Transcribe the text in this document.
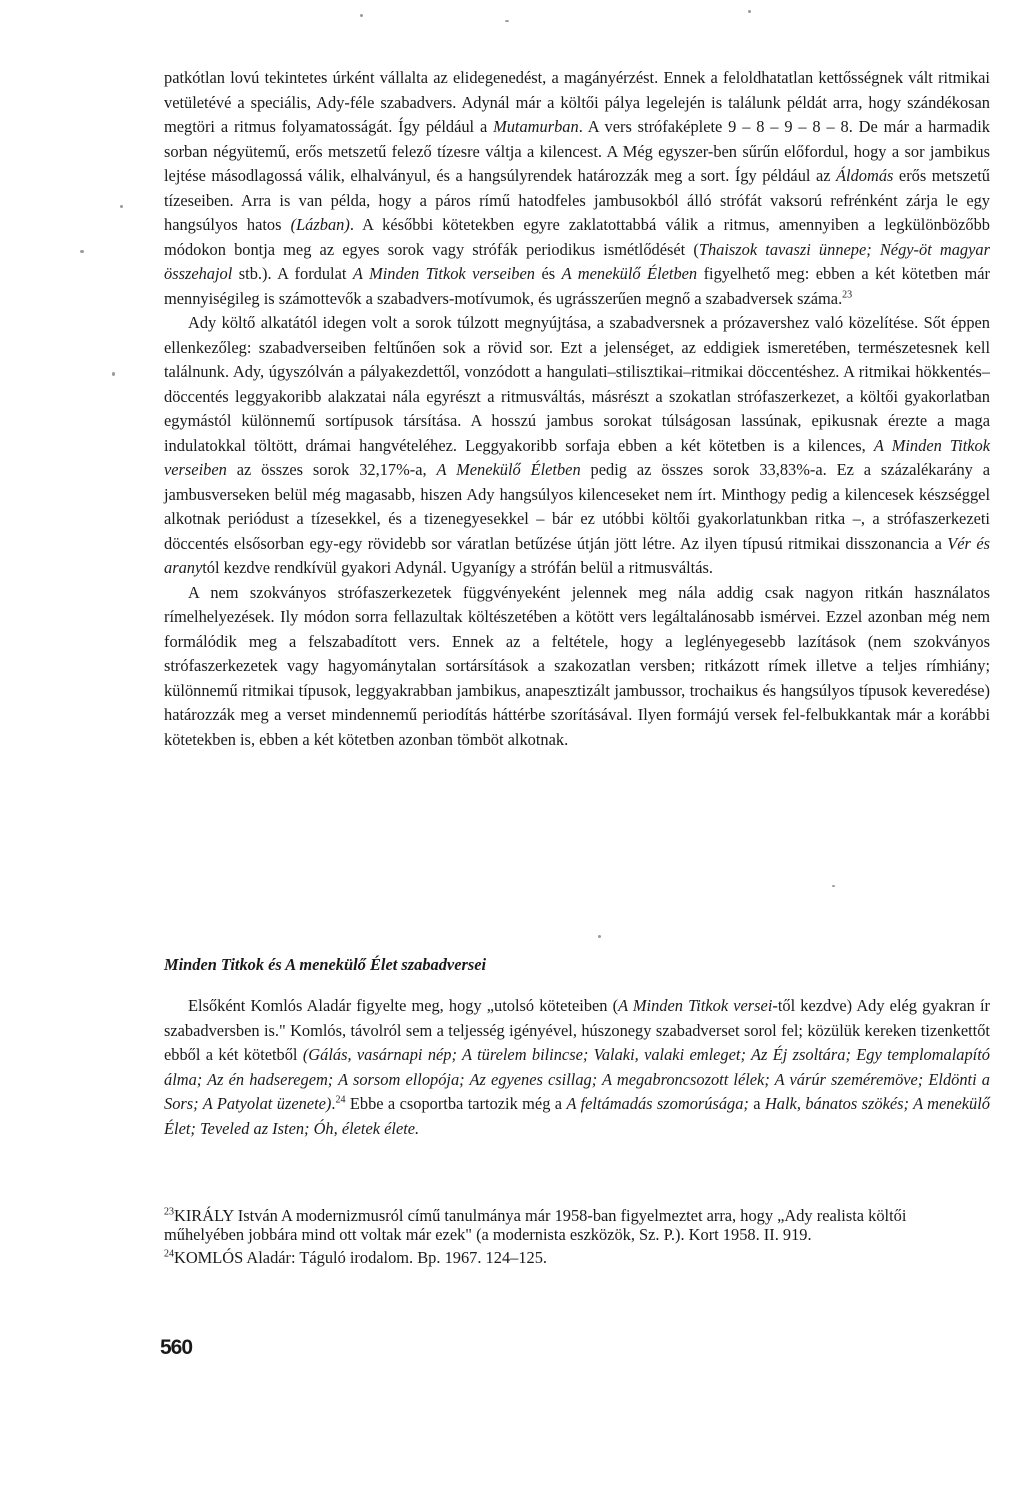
patkótlan lovú tekintetes úrként vállalta az elidegenedést, a magányérzést. Ennek a feloldhatatlan kettősségnek vált ritmikai vetületévé a speciális, Ady-féle szabadvers. Adynál már a költői pálya legelején is találunk példát arra, hogy szándékosan megtöri a ritmus folyamatosságát. Így például a Mutamurban. A vers strófaképlete 9 – 8 – 9 – 8 – 8. De már a harmadik sorban négyütemű, erős metszetű felező tízesre váltja a kilencest. A Még egyszer-ben sűrűn előfordul, hogy a sor jambikus lejtése másodlagossá válik, elhalványul, és a hangsúlyrendek határozzák meg a sort. Így például az Áldomás erős metszetű tízeseiben. Arra is van példa, hogy a páros rímű hatodfeles jambusokból álló strófát vaksorú refrénként zárja le egy hangsúlyos hatos (Lázban). A későbbi kötetekben egyre zaklatottabbá válik a ritmus, amennyiben a legkülönbözőbb módokon bontja meg az egyes sorok vagy strófák periodikus ismétlődését (Thaiszok tavaszi ünnepe; Négy-öt magyar összehajol stb.). A fordulat A Minden Titkok verseiben és A menekülő Életben figyelhető meg: ebben a két kötetben már mennyiségileg is számottevők a szabadvers-motívumok, és ugrásszerűen megnő a szabadversek száma.$^{23}$

Ady költő alkatától idegen volt a sorok túlzott megnyújtása, a szabadversnek a prózavershez való közelítése. Sőt éppen ellenkezőleg: szabadverseiben feltűnően sok a rövid sor. Ezt a jelenséget, az eddigiek ismeretében, természetesnek kell találnunk. Ady, úgyszólván a pályakezdettől, vonzódott a hangulati–stilisztikai–ritmikai döccentéshez. A ritmikai hökkentés–döccentés leggyakoribb alakzatai nála egyrészt a ritmusváltás, másrészt a szokatlan strófaszerkezet, a költői gyakorlatban egymástól különnemű sortípusok társítása. A hosszú jambus sorokat túlságosan lassúnak, epikusnak érezte a maga indulatokkal töltött, drámai hangvételéhez. Leggyakoribb sorfaja ebben a két kötetben is a kilences, A Minden Titkok verseiben az összes sorok 32,17%-a, A Menekülő Életben pedig az összes sorok 33,83%-a. Ez a százalékarány a jambusverseken belül még magasabb, hiszen Ady hangsúlyos kilenceseket nem írt. Minthogy pedig a kilencesek készséggel alkotnak periódust a tízesekkel, és a tizenegyesekkel – bár ez utóbbi költői gyakorlatunkban ritka –, a strófaszerkezeti döccentés elsősorban egy-egy rövidebb sor váratlan betűzése útján jött létre. Az ilyen típusú ritmikai disszonancia a Vér és aranytól kezdve rendkívül gyakori Adynál. Ugyanígy a strófán belül a ritmusváltás.

A nem szokványos strófaszerkezetek függvényeként jelennek meg nála addig csak nagyon ritkán használatos rímelhelyezések. Ily módon sorra fellazultak költészetében a kötött vers legáltalánosabb ismérvei. Ezzel azonban még nem formálódik meg a felszabadított vers. Ennek az a feltétele, hogy a leglényegesebb lazítások (nem szokványos strófaszerkezetek vagy hagyománytalan sortársítások a szakozatlan versben; ritkázott rímek illetve a teljes rímhiány; különnemű ritmikai típusok, leggyakrabban jambikus, anapesztizált jambussor, trochaikus és hangsúlyos típusok keveredése) határozzák meg a verset mindennemű periodítás háttérbe szorításával. Ilyen formájú versek fel-felbukkantak már a korábbi kötetekben is, ebben a két kötetben azonban tömböt alkotnak.

Minden Titkok és A menekülő Élet szabadversei

Elsőként Komlós Aladár figyelte meg, hogy „utolsó köteteiben (A Minden Titkok versei-től kezdve) Ady elég gyakran ír szabadversben is." Komlós, távolról sem a teljesség igényével, húszonegy szabadverset sorol fel; közülük kereken tizenkettőt ebből a két kötetből (Gálás, vasárnapi nép; A türelem bilincse; Valaki, valaki emleget; Az Éj zsoltára; Egy templomalapító álma; Az én hadseregem; A sorsom ellopója; Az egyenes csillag; A megabroncsozott lélek; A várúr szeméremöve; Eldönti a Sors; A Patyolat üzenete).$^{24}$ Ebbe a csoportba tartozik még a A feltámadás szomorúsága; a Halk, bánatos szökés; A menekülő Élet; Teveled az Isten; Óh, életek élete.

$^{23}$KIRÁLY István A modernizmusról című tanulmánya már 1958-ban figyelmeztet arra, hogy „Ady realista költői műhelyében jobbára mind ott voltak már ezek" (a modernista eszközök, Sz. P.). Kort 1958. II. 919.

$^{24}$KOMLÓS Aladár: Táguló irodalom. Bp. 1967. 124–125.

560
